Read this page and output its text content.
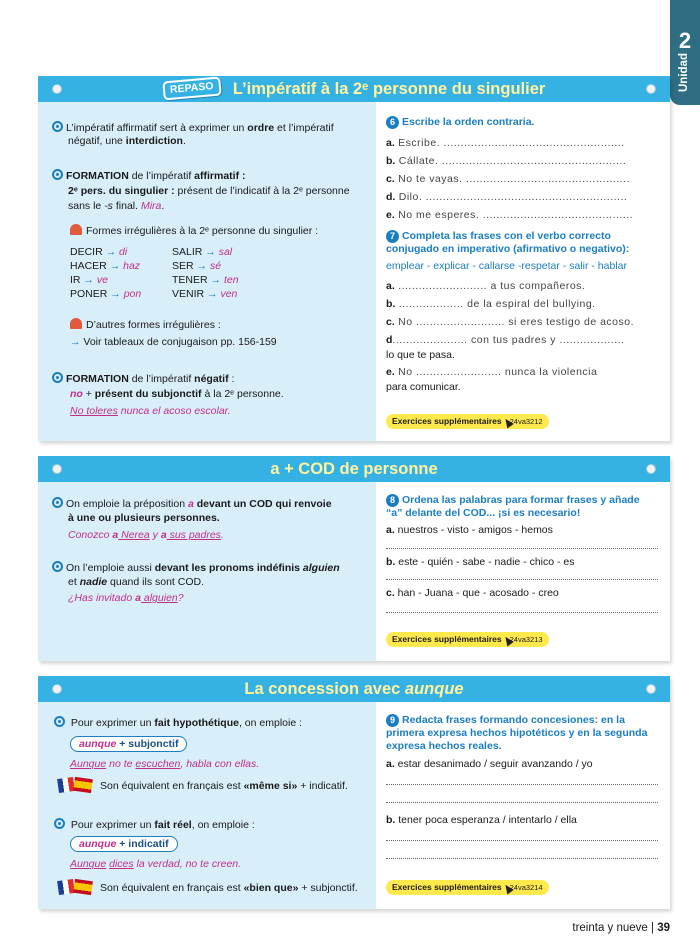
2
Unidad
REPASO L’impératif à la 2ᵉ personne du singulier
L’impératif affirmatif sert à exprimer un ordre et l’impératif
négatif, une interdiction.
FORMATION de l’impératif affirmatif :
2ᵉ pers. du singulier : présent de l’indicatif à la 2ᵉ personne
sans le -s final. Mira.
Formes irrégulières à la 2ᵉ personne du singulier :
DECIR → di	SALIR → sal
HACER → haz	SER → sé
IR → ve	TENER → ten
PONER → pon	VENIR → ven
D’autres formes irrégulières :
→ Voir tableaux de conjugaison pp. 156-159
FORMATION de l’impératif négatif :
no + présent du subjonctif à la 2ᵉ personne.
No toleres nunca el acoso escolar.
6 Escribe la orden contraria.
a. Escribe. .....................................................
b. Cállate. ......................................................
c. No te vayas. ................................................
d. Dilo. ...........................................................
e. No me esperes. ............................................
7 Completa las frases con el verbo correcto
conjugado en imperativo (afirmativo o negativo):
emplear - explicar - callarse -respetar - salir - hablar
a. .......................... a tus compañeros.
b. ................... de la espiral del bullying.
c. No .......................... si eres testigo de acoso.
d...................... con tus padres y ...................
lo que te pasa.
e. No ......................... nunca la violencia
para comunicar.
Exercices supplémentaires 24va3212
a + COD de personne
On emploie la préposition a devant un COD qui renvoie
à une ou plusieurs personnes.
Conozco a Nerea y a sus padres.
On l’emploie aussi devant les pronoms indéfinis alguien
et nadie quand ils sont COD.
¿Has invitado a alguien?
8 Ordena las palabras para formar frases y añade
“a” delante del COD... ¡si es necesario!
a. nuestros - visto - amigos - hemos
b. este - quién - sabe - nadie - chico - es
c. han - Juana - que - acosado - creo
Exercices supplémentaires 24va3213
La concession avec aunque
Pour exprimer un fait hypothétique, on emploie :
aunque + subjonctif
Aunque no te escuchen, habla con ellas.
Son équivalent en français est «même si» + indicatif.
Pour exprimer un fait réel, on emploie :
aunque + indicatif
Aunque dices la verdad, no te creen.
Son équivalent en français est «bien que» + subjonctif.
9 Redacta frases formando concesiones: en la
primera expresa hechos hipotéticos y en la segunda
expresa hechos reales.
a. estar desanimado / seguir avanzando / yo
b. tener poca esperanza / intentarlo / ella
Exercices supplémentaires 24va3214
treinta y nueve | 39
